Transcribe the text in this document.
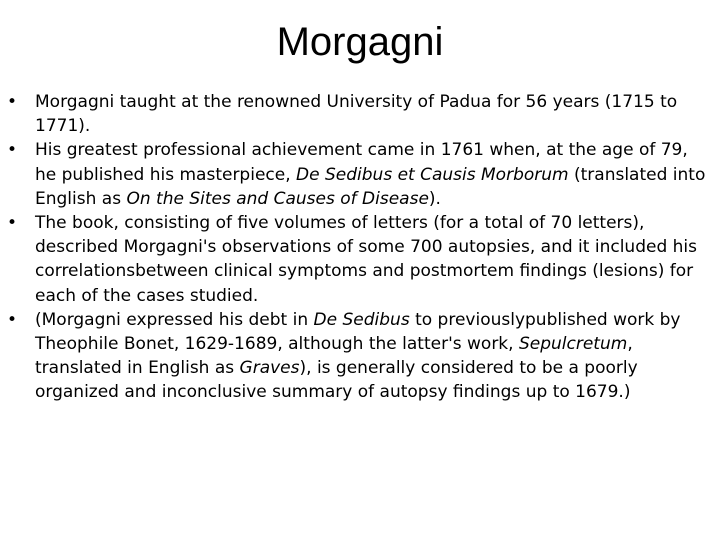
Morgagni
• Morgagni taught at the renowned University of Padua for 56 years (1715 to 1771).
• His greatest professional achievement came in 1761 when, at the age of 79, he published his masterpiece, De Sedibus et Causis Morborum (translated into English as On the Sites and Causes of Disease).
• The book, consisting of five volumes of letters (for a total of 70 letters), described Morgagni's observations of some 700 autopsies, and it included his correlationsbetween clinical symptoms and postmortem findings (lesions) for each of the cases studied.
• (Morgagni expressed his debt in De Sedibus to previouslypublished work by Theophile Bonet, 1629-1689, although the latter's work, Sepulcretum, translated in English as Graves), is generally considered to be a poorly organized and inconclusive summary of autopsy findings up to 1679.)
